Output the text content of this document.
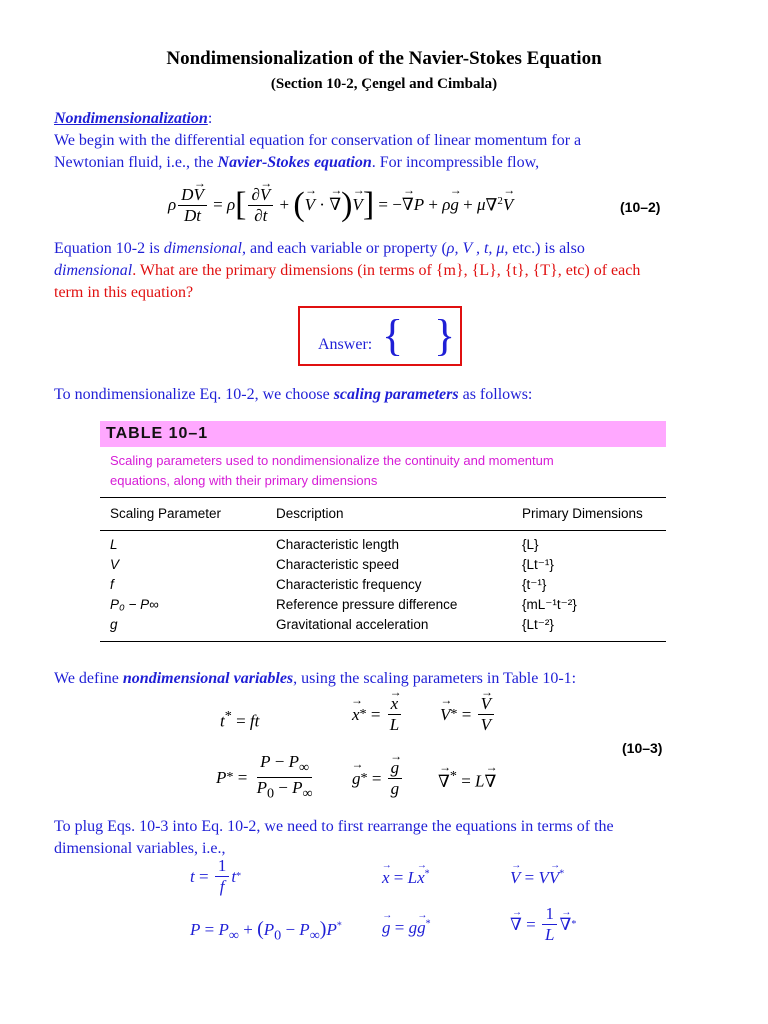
Nondimensionalization of the Navier-Stokes Equation
(Section 10-2, Çengel and Cimbala)
Nondimensionalization:
We begin with the differential equation for conservation of linear momentum for a
Newtonian fluid, i.e., the Navier-Stokes equation. For incompressible flow,
ρ $\frac{D\to V}{Dt} = \rho$ [ $\frac{\partial\to V}{\partial t}$ + (
→ V ·
→ ∇ )
→ V ] = −
→ ∇ P + ρ
→ g + μ ∇$^2$
→ V	(10–2)
Equation 10-2 is dimensional, and each variable or property (ρ, V , t, μ, etc.) is also
dimensional. What are the primary dimensions (in terms of {m}, {L}, {t}, {T}, etc) of each
term in this equation?
Answer: { }
To nondimensionalize Eq. 10-2, we choose scaling parameters as follows:
TABLE 10–1
Scaling parameters used to nondimensionalize the continuity and momentum
equations, along with their primary dimensions
Scaling Parameter	Description	Primary Dimensions
L	Characteristic length	{L}
V	Characteristic speed	{Lt⁻¹}
f	Characteristic frequency	{t⁻¹}
P₀ − P∞	Reference pressure difference	{mL⁻¹t⁻²}
g	Gravitational acceleration	{Lt⁻²}
We define nondimensional variables, using the scaling parameters in Table 10-1:
t* = ft
→	x * =
→ $\frac{x}{L}$
→ V * =
→ $\frac{V}{V}$
(10–3)
P * = $\frac{P - P_\infty}{P_0 - P_\infty}$
→ g * =
→ $\frac{g}{g}$
→ ∇* = L→ ∇
To plug Eqs. 10-3 into Eq. 10-2, we need to first rearrange the equations in terms of the
dimensional variables, i.e.,
$t = \frac{1}{f}$ t *
→	x = L→ x*
→	V = V→ V*
$P = P_\infty + (P_0 - P_\infty)P^*$
→ g = g→ g*
→	∇ = $\frac{1}{L}$
→ ∇ *
